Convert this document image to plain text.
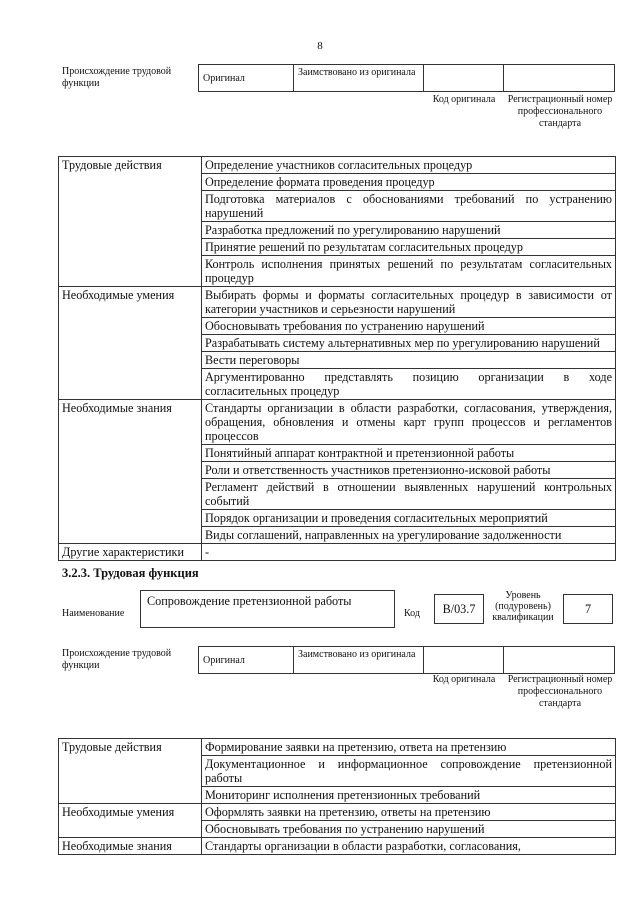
8
Происхождение трудовой функции	Оригинал	Заимствовано из оригинала
Код оригинала	Регистрационный номер профессионального стандарта
Трудовые действия	Определение участников согласительных процедур
	Определение формата проведения процедур
	Подготовка материалов с обоснованиями требований по устранению нарушений
	Разработка предложений по урегулированию нарушений
	Принятие решений по результатам согласительных процедур
	Контроль исполнения принятых решений по результатам согласительных процедур
Необходимые умения	Выбирать формы и форматы согласительных процедур в зависимости от категории участников и серьезности нарушений
	Обосновывать требования по устранению нарушений
	Разрабатывать систему альтернативных мер по урегулированию нарушений
	Вести переговоры
	Аргументированно представлять позицию организации в ходе согласительных процедур
Необходимые знания	Стандарты организации в области разработки, согласования, утверждения, обращения, обновления и отмены карт групп процессов и регламентов процессов
	Понятийный аппарат контрактной и претензионной работы
	Роли и ответственность участников претензионно-исковой работы
	Регламент действий в отношении выявленных нарушений контрольных событий
	Порядок организации и проведения согласительных мероприятий
	Виды соглашений, направленных на урегулирование задолженности
Другие характеристики	-
3.2.3. Трудовая функция
Наименование
Сопровождение претензионной работы
Код	B/03.7
Уровень (подуровень) квалификации
7
Происхождение трудовой функции	Оригинал	Заимствовано из оригинала
Код оригинала	Регистрационный номер профессионального стандарта
Трудовые действия	Формирование заявки на претензию, ответа на претензию
	Документационное и информационное сопровождение претензионной работы
	Мониторинг исполнения претензионных требований
Необходимые умения	Оформлять заявки на претензию, ответы на претензию
	Обосновывать требования по устранению нарушений
Необходимые знания	Стандарты организации в области разработки, согласования,
